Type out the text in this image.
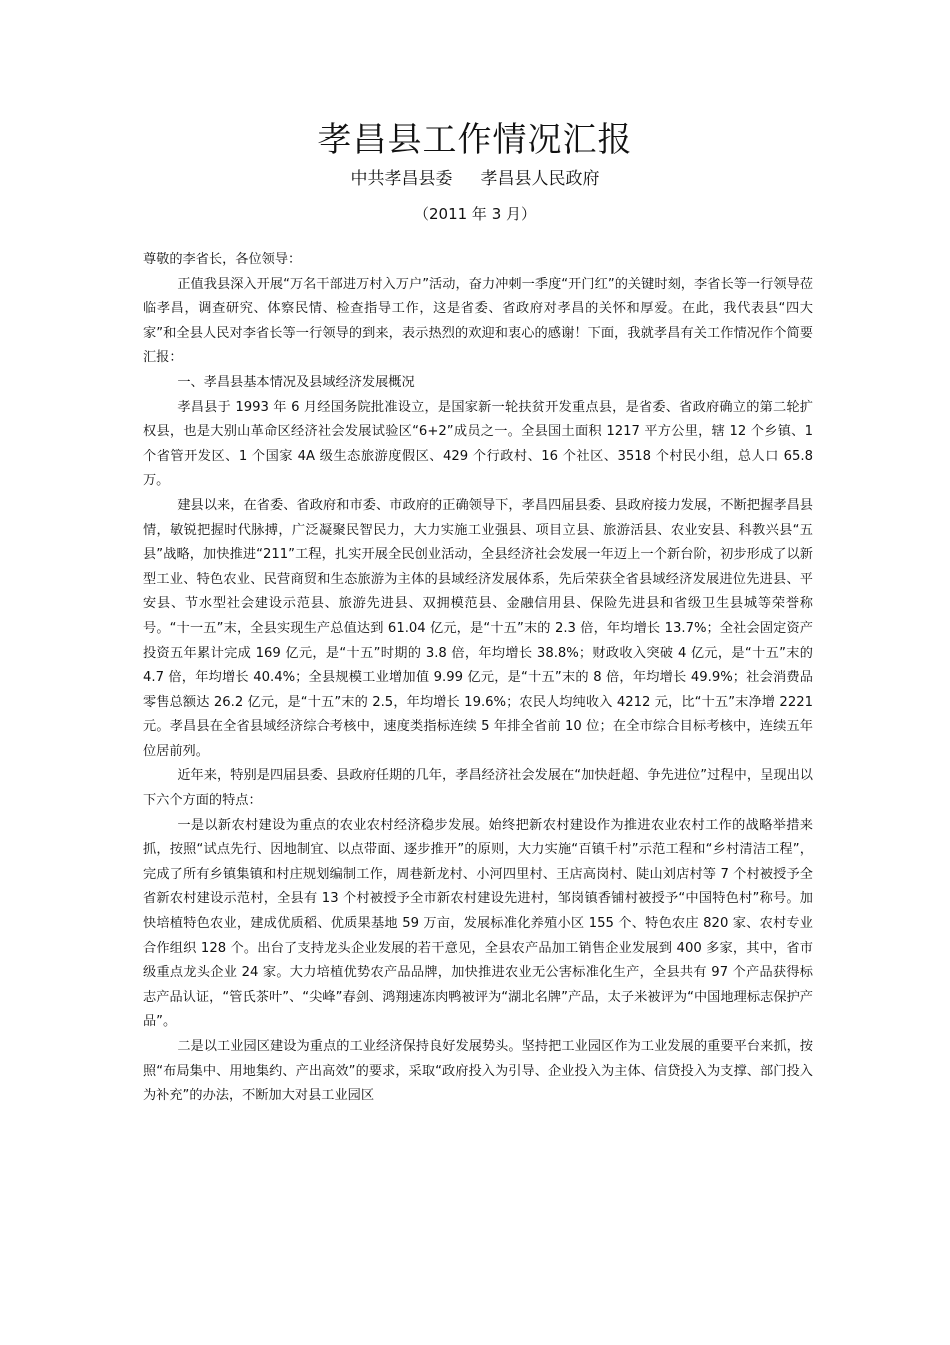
孝昌县工作情况汇报
中共孝昌县委 孝昌县人民政府
（2011 年 3 月）

尊敬的李省长，各位领导：

正值我县深入开展“万名干部进万村入万户”活动，奋力冲刺一季度“开门红”的关键时刻，李省长等一行领导莅临孝昌，调查研究、体察民情、检查指导工作，这是省委、省政府对孝昌的关怀和厚爱。在此，我代表县“四大家”和全县人民对李省长等一行领导的到来，表示热烈的欢迎和衷心的感谢！下面，我就孝昌有关工作情况作个简要汇报：

一、孝昌县基本情况及县域经济发展概况

孝昌县于 1993 年 6 月经国务院批准设立，是国家新一轮扶贫开发重点县，是省委、省政府确立的第二轮扩权县，也是大别山革命区经济社会发展试验区“6+2”成员之一。全县国土面积 1217 平方公里，辖 12 个乡镇、1 个省管开发区、1 个国家 4A 级生态旅游度假区、429 个行政村、16 个社区、3518 个村民小组，总人口 65.8 万。

建县以来，在省委、省政府和市委、市政府的正确领导下，孝昌四届县委、县政府接力发展，不断把握孝昌县情，敏锐把握时代脉搏，广泛凝聚民智民力，大力实施工业强县、项目立县、旅游活县、农业安县、科教兴县“五县”战略，加快推进“211”工程，扎实开展全民创业活动，全县经济社会发展一年迈上一个新台阶，初步形成了以新型工业、特色农业、民营商贸和生态旅游为主体的县域经济发展体系，先后荣获全省县域经济发展进位先进县、平安县、节水型社会建设示范县、旅游先进县、双拥模范县、金融信用县、保险先进县和省级卫生县城等荣誉称号。“十一五”末，全县实现生产总值达到 61.04 亿元，是“十五”末的 2.3 倍，年均增长 13.7%；全社会固定资产投资五年累计完成 169 亿元，是“十五”时期的 3.8 倍，年均增长 38.8%；财政收入突破 4 亿元，是“十五”末的 4.7 倍，年均增长 40.4%；全县规模工业增加值 9.99 亿元，是“十五”末的 8 倍，年均增长 49.9%；社会消费品零售总额达 26.2 亿元，是“十五”末的 2.5，年均增长 19.6%；农民人均纯收入 4212 元，比“十五”末净增 2221 元。孝昌县在全省县域经济综合考核中，速度类指标连续 5 年排全省前 10 位；在全市综合目标考核中，连续五年位居前列。

近年来，特别是四届县委、县政府任期的几年，孝昌经济社会发展在“加快赶超、争先进位”过程中，呈现出以下六个方面的特点：

一是以新农村建设为重点的农业农村经济稳步发展。始终把新农村建设作为推进农业农村工作的战略举措来抓，按照“试点先行、因地制宜、以点带面、逐步推开”的原则，大力实施“百镇千村”示范工程和“乡村清洁工程”，完成了所有乡镇集镇和村庄规划编制工作，周巷新龙村、小河四里村、王店高岗村、陡山刘店村等 7 个村被授予全省新农村建设示范村，全县有 13 个村被授予全市新农村建设先进村，邹岗镇香铺村被授予“中国特色村”称号。加快培植特色农业，建成优质稻、优质果基地 59 万亩，发展标准化养殖小区 155 个、特色农庄 820 家、农村专业合作组织 128 个。出台了支持龙头企业发展的若干意见，全县农产品加工销售企业发展到 400 多家，其中，省市级重点龙头企业 24 家。大力培植优势农产品品牌，加快推进农业无公害标准化生产，全县共有 97 个产品获得标志产品认证，“管氏茶叶”、“尖峰”春剑、鸿翔速冻肉鸭被评为“湖北名牌”产品，太子米被评为“中国地理标志保护产品”。

二是以工业园区建设为重点的工业经济保持良好发展势头。坚持把工业园区作为工业发展的重要平台来抓，按照“布局集中、用地集约、产出高效”的要求，采取“政府投入为引导、企业投入为主体、信贷投入为支撑、部门投入为补充”的办法，不断加大对县工业园区
